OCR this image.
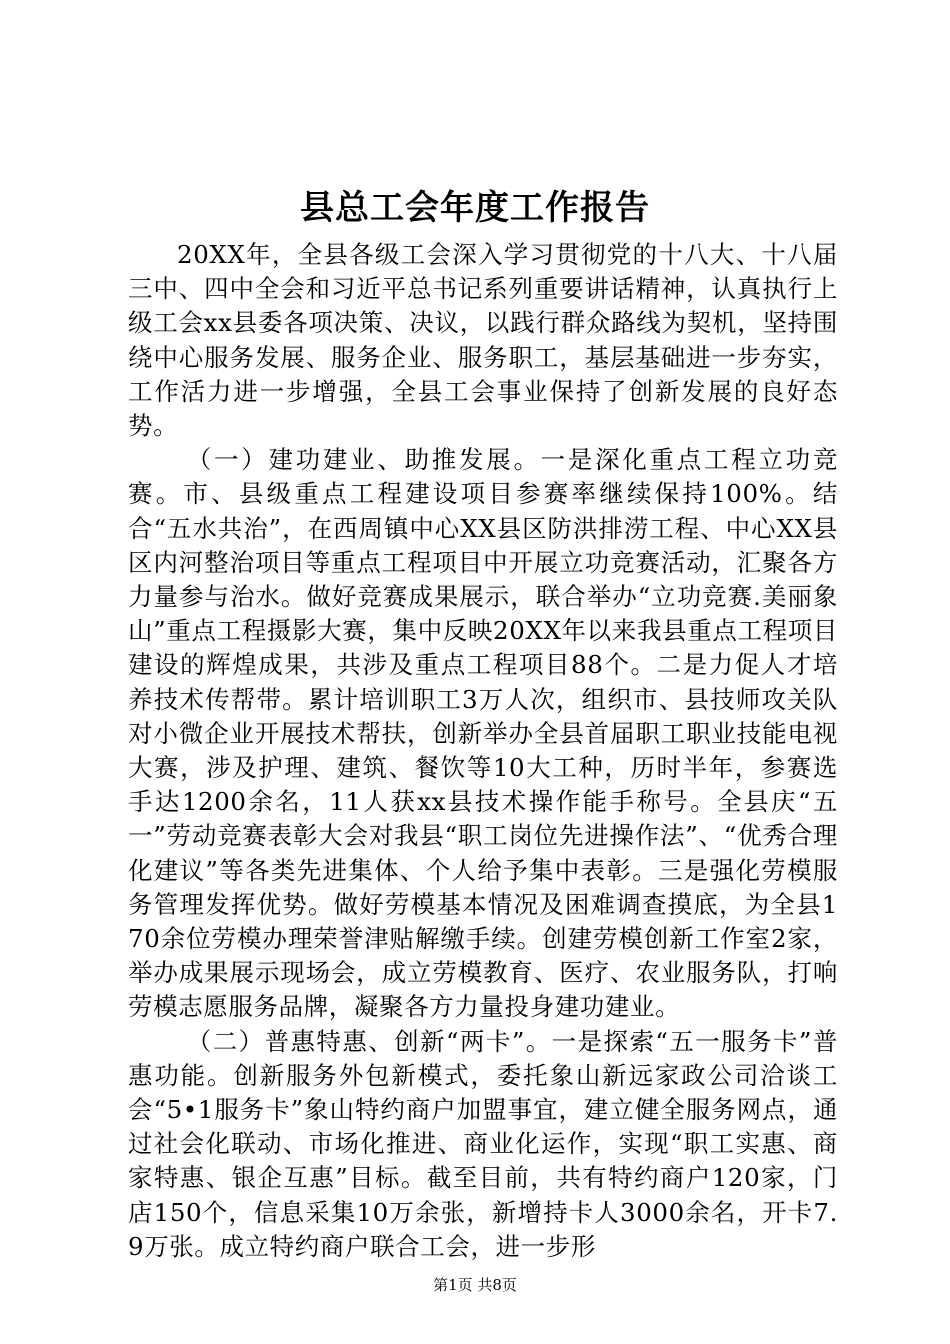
县总工会年度工作报告

20XX年，全县各级工会深入学习贯彻党的十八大、十八届三中、四中全会和习近平总书记系列重要讲话精神，认真执行上级工会xx县委各项决策、决议，以践行群众路线为契机，坚持围绕中心服务发展、服务企业、服务职工，基层基础进一步夯实，工作活力进一步增强，全县工会事业保持了创新发展的良好态势。

（一）建功建业、助推发展。一是深化重点工程立功竞赛。市、县级重点工程建设项目参赛率继续保持100%。结合“五水共治”，在西周镇中心XX县区防洪排涝工程、中心XX县区内河整治项目等重点工程项目中开展立功竞赛活动，汇聚各方力量参与治水。做好竞赛成果展示，联合举办“立功竞赛.美丽象山”重点工程摄影大赛，集中反映20XX年以来我县重点工程项目建设的辉煌成果，共涉及重点工程项目88个。二是力促人才培养技术传帮带。累计培训职工3万人次，组织市、县技师攻关队对小微企业开展技术帮扶，创新举办全县首届职工职业技能电视大赛，涉及护理、建筑、餐饮等10大工种，历时半年，参赛选手达1200余名，11人获xx县技术操作能手称号。全县庆“五一”劳动竞赛表彰大会对我县“职工岗位先进操作法”、“优秀合理化建议”等各类先进集体、个人给予集中表彰。三是强化劳模服务管理发挥优势。做好劳模基本情况及困难调查摸底，为全县170余位劳模办理荣誉津贴解缴手续。创建劳模创新工作室2家，举办成果展示现场会，成立劳模教育、医疗、农业服务队，打响劳模志愿服务品牌，凝聚各方力量投身建功建业。

（二）普惠特惠、创新“两卡”。一是探索“五一服务卡”普惠功能。创新服务外包新模式，委托象山新远家政公司洽谈工会“5•1服务卡”象山特约商户加盟事宜，建立健全服务网点，通过社会化联动、市场化推进、商业化运作，实现“职工实惠、商家特惠、银企互惠”目标。截至目前，共有特约商户120家，门店150个，信息采集10万余张，新增持卡人3000余名，开卡7.9万张。成立特约商户联合工会，进一步形

第1页 共8页
